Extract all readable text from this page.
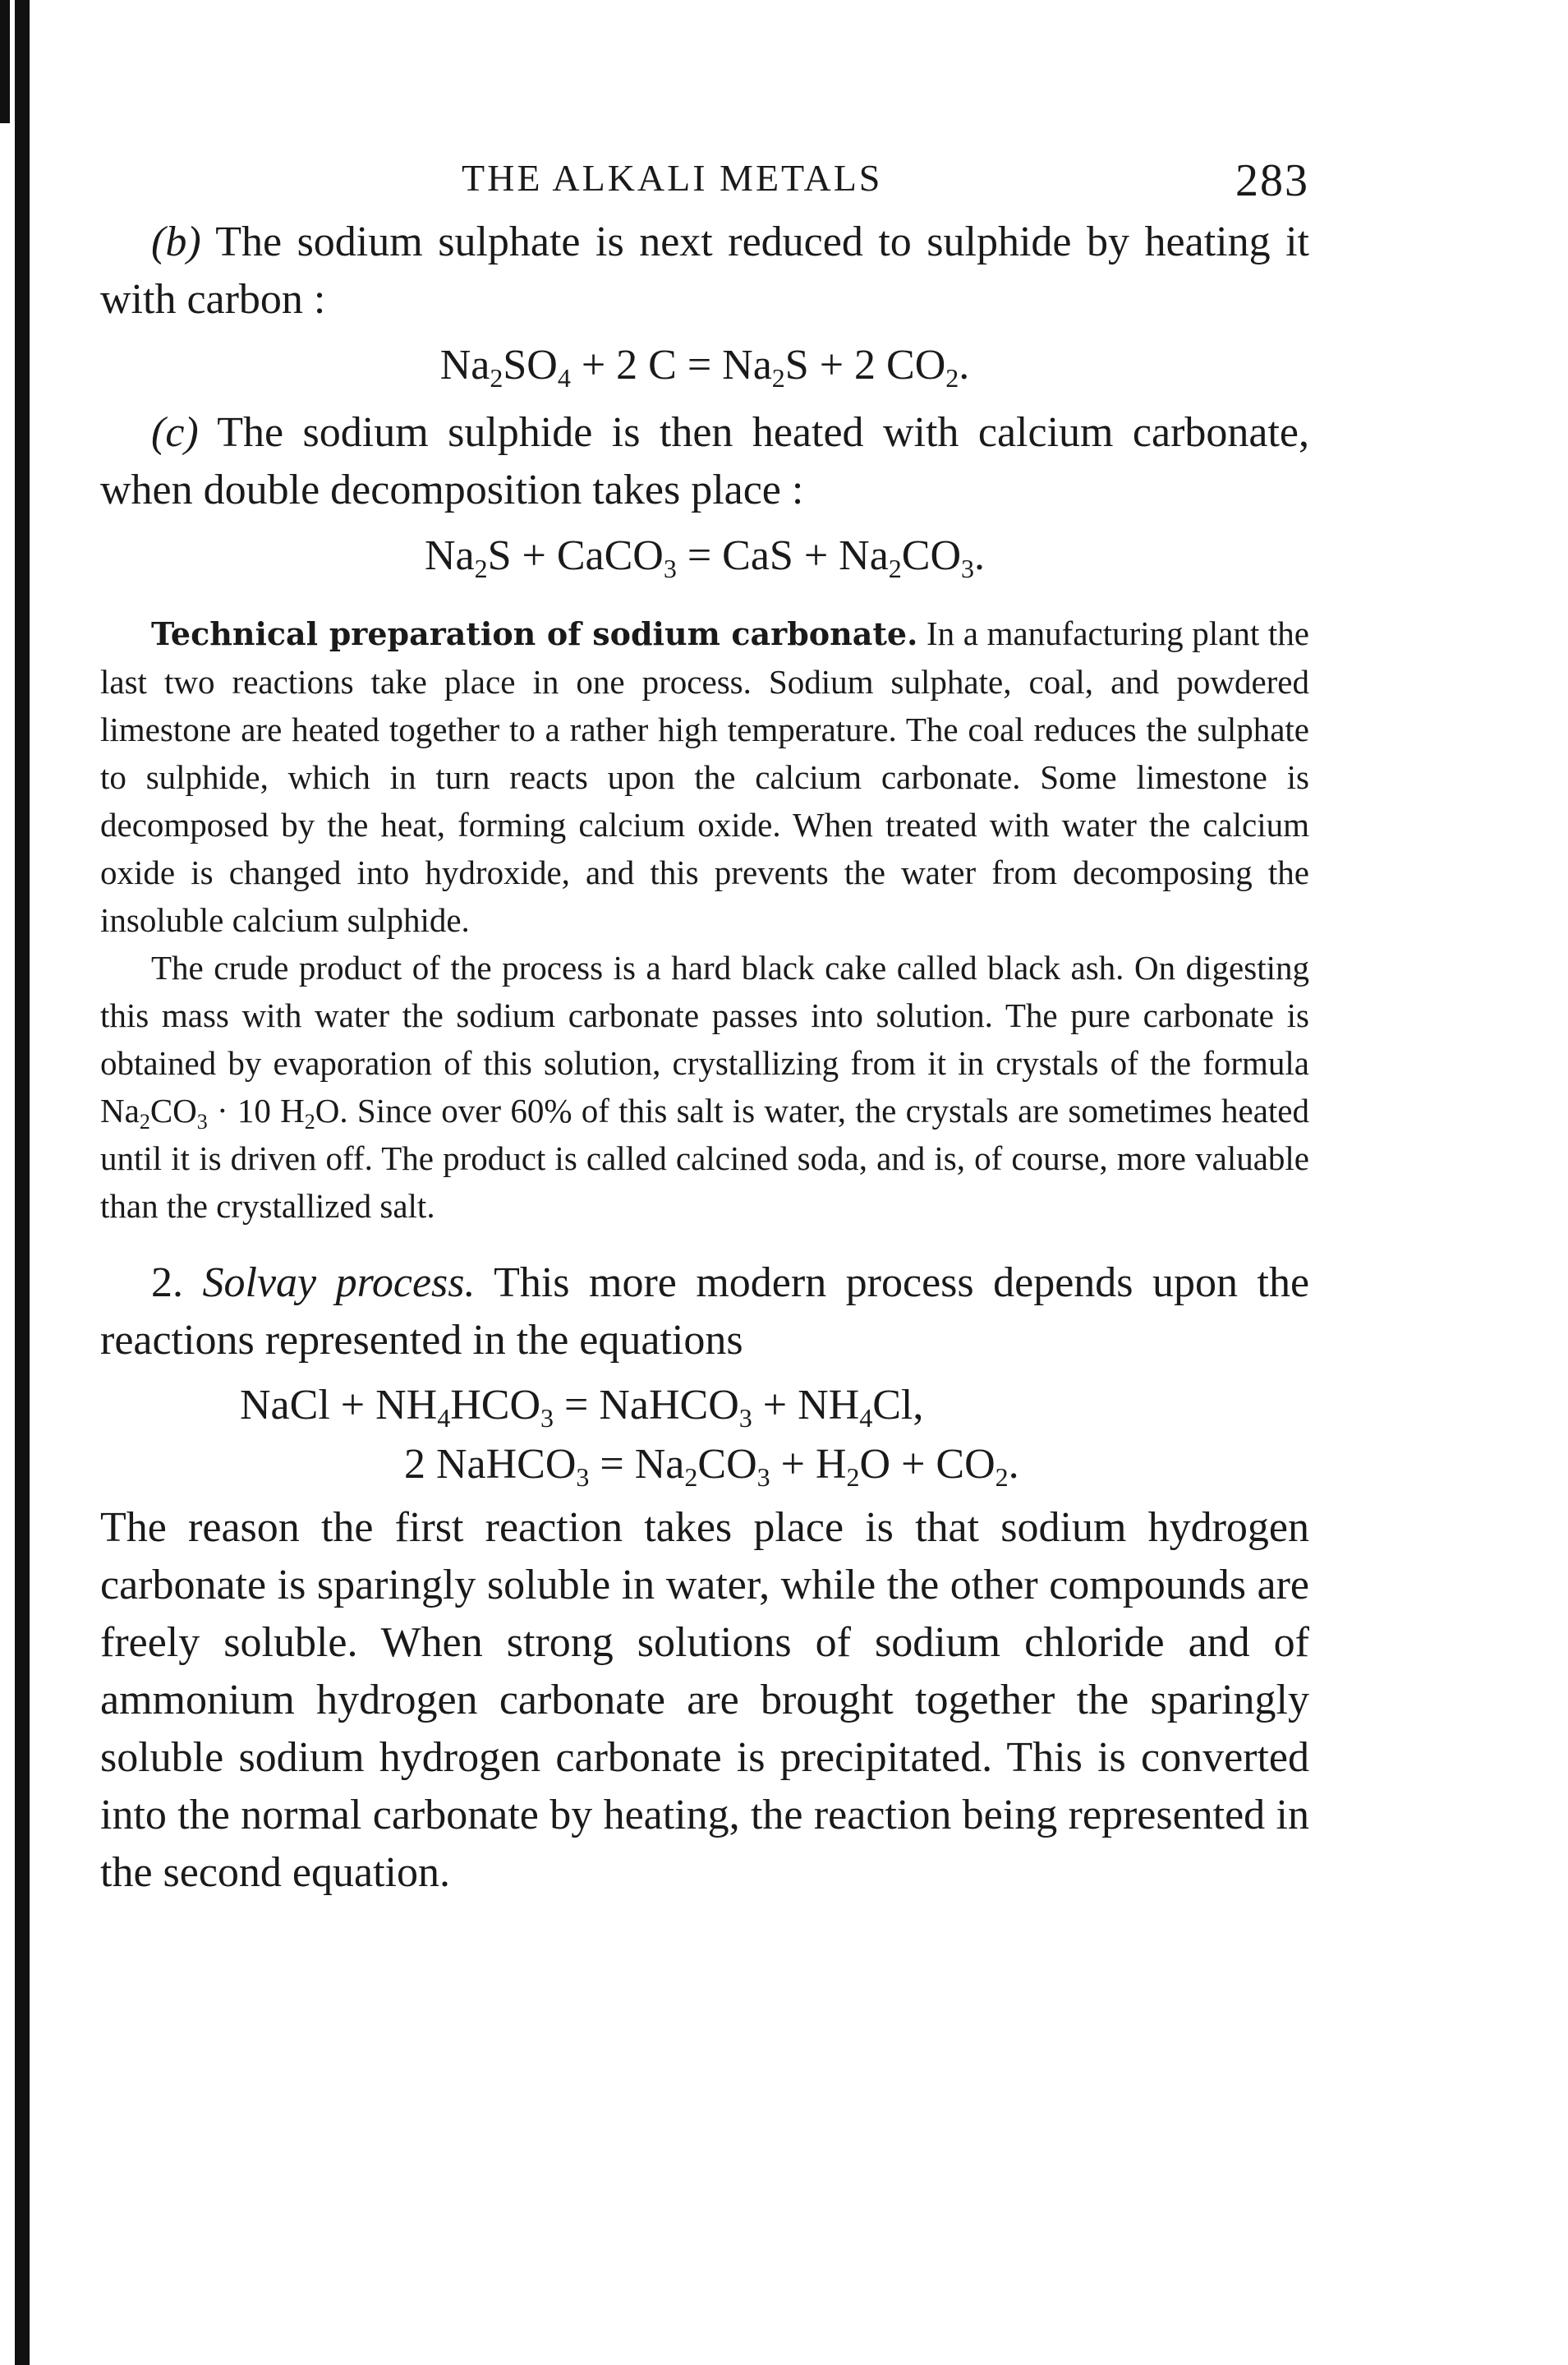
THE ALKALI METALS	283

(b) The sodium sulphate is next reduced to sulphide by heating it with carbon :

$Na_2SO_4 + 2$ $C = Na_2S + 2$ $CO_2$.

(c) The sodium sulphide is then heated with calcium carbonate, when double decomposition takes place :

$Na_2S$ + CaCO$_3$ = CaS + $Na_2CO_3$.

Technical preparation of sodium carbonate. In a manufacturing plant the last two reactions take place in one process. Sodium sulphate, coal, and powdered limestone are heated together to a rather high temperature. The coal reduces the sulphate to sulphide, which in turn reacts upon the calcium carbonate. Some limestone is decomposed by the heat, forming calcium oxide. When treated with water the calcium oxide is changed into hydroxide, and this prevents the water from decomposing the insoluble calcium sulphide.

The crude product of the process is a hard black cake called black ash. On digesting this mass with water the sodium carbonate passes into solution. The pure carbonate is obtained by evaporation of this solution, crystallizing from it in crystals of the formula $Na_2CO_3 \cdot 10$ $H_2O$. Since over 60% of this salt is water, the crystals are sometimes heated until it is driven off. The product is called calcined soda, and is, of course, more valuable than the crystallized salt.

2. Solvay process. This more modern process depends upon the reactions represented in the equations

NaCl + $NH_4HCO_3$ = NaHCO$_3$ + $NH_4Cl$,
2 NaHCO$_3$ = $Na_2CO_3 + H_2O + CO_2$.

The reason the first reaction takes place is that sodium hydrogen carbonate is sparingly soluble in water, while the other compounds are freely soluble. When strong solutions of sodium chloride and of ammonium hydrogen carbonate are brought together the sparingly soluble sodium hydrogen carbonate is precipitated. This is converted into the normal carbonate by heating, the reaction being represented in the second equation.
